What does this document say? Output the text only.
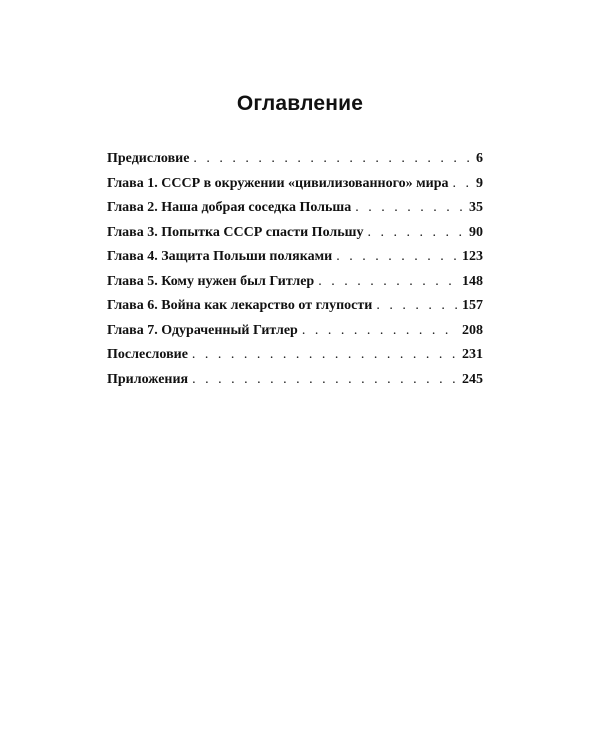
Оглавление
Предисловие . . .	6
Глава 1. СССР в окружении «цивилизованного» мира . . . 9
Глава 2. Наша добрая соседка Польша . . .	35
Глава 3. Попытка СССР спасти Польшу . . .	90
Глава 4. Защита Польши поляками . . .	123
Глава 5. Кому нужен был Гитлер . . .	148
Глава 6. Война как лекарство от глупости . . .	157
Глава 7. Одураченный Гитлер . . .	208
Послесловие . . .	231
Приложения . . .	245
